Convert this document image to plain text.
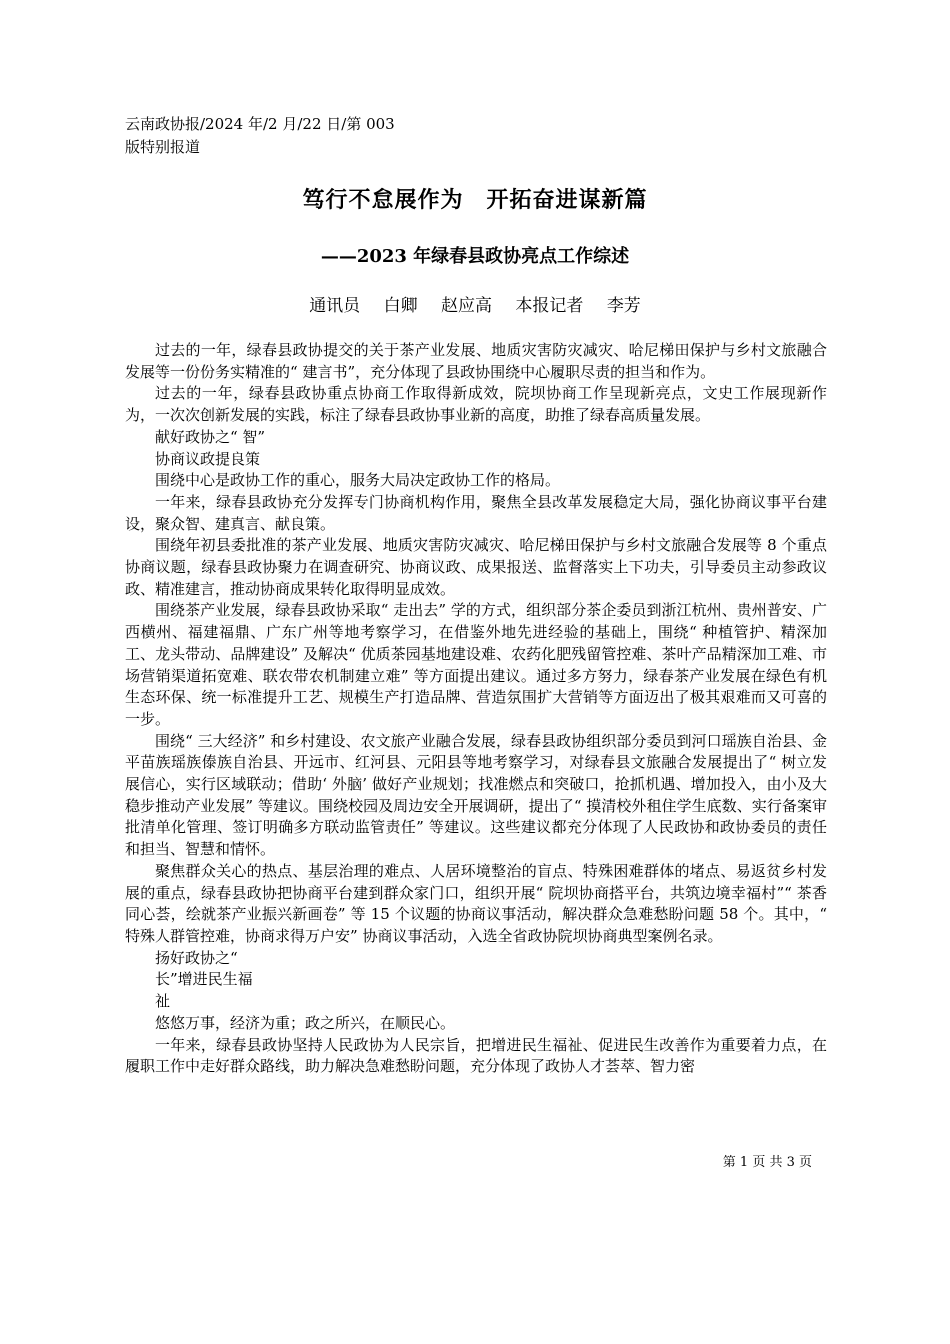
云南政协报/2024 年/2 月/22 日/第 003
版特别报道
笃行不怠展作为　开拓奋进谋新篇
——2023 年绿春县政协亮点工作综述
通讯员 白卿 赵应高 本报记者 李芳

过去的一年，绿春县政协提交的关于茶产业发展、地质灾害防灾减灾、哈尼梯田保护与乡村文旅融合发展等一份份务实精准的“ 建言书”，充分体现了县政协围绕中心履职尽责的担当和作为。

过去的一年，绿春县政协重点协商工作取得新成效，院坝协商工作呈现新亮点，文史工作展现新作为，一次次创新发展的实践，标注了绿春县政协事业新的高度，助推了绿春高质量发展。

献好政协之“ 智”

协商议政提良策

围绕中心是政协工作的重心，服务大局决定政协工作的格局。

一年来，绿春县政协充分发挥专门协商机构作用，聚焦全县改革发展稳定大局，强化协商议事平台建设，聚众智、建真言、献良策。

围绕年初县委批准的茶产业发展、地质灾害防灾减灾、哈尼梯田保护与乡村文旅融合发展等 8 个重点协商议题，绿春县政协聚力在调查研究、协商议政、成果报送、监督落实上下功夫，引导委员主动参政议政、精准建言，推动协商成果转化取得明显成效。

围绕茶产业发展，绿春县政协采取“ 走出去” 学的方式，组织部分茶企委员到浙江杭州、贵州普安、广西横州、福建福鼎、广东广州等地考察学习，在借鉴外地先进经验的基础上，围绕“ 种植管护、精深加工、龙头带动、品牌建设” 及解决“ 优质茶园基地建设难、农药化肥残留管控难、茶叶产品精深加工难、市场营销渠道拓宽难、联农带农机制建立难” 等方面提出建议。通过多方努力，绿春茶产业发展在绿色有机生态环保、统一标准提升工艺、规模生产打造品牌、营造氛围扩大营销等方面迈出了极其艰难而又可喜的一步。

围绕“ 三大经济” 和乡村建设、农文旅产业融合发展，绿春县政协组织部分委员到河口瑶族自治县、金平苗族瑶族傣族自治县、开远市、红河县、元阳县等地考察学习，对绿春县文旅融合发展提出了“ 树立发展信心，实行区域联动；借助‘ 外脑’ 做好产业规划；找准燃点和突破口，抢抓机遇、增加投入，由小及大稳步推动产业发展” 等建议。围绕校园及周边安全开展调研，提出了“ 摸清校外租住学生底数、实行备案审批清单化管理、签订明确多方联动监管责任” 等建议。这些建议都充分体现了人民政协和政协委员的责任和担当、智慧和情怀。

聚焦群众关心的热点、基层治理的难点、人居环境整治的盲点、特殊困难群体的堵点、易返贫乡村发展的重点，绿春县政协把协商平台建到群众家门口，组织开展“ 院坝协商搭平台，共筑边境幸福村”“ 茶香同心荟，绘就茶产业振兴新画卷” 等 15 个议题的协商议事活动，解决群众急难愁盼问题 58 个。其中，“ 特殊人群管控难，协商求得万户安” 协商议事活动，入选全省政协院坝协商典型案例名录。

扬好政协之“

长”增进民生福

祉

悠悠万事，经济为重；政之所兴，在顺民心。

一年来，绿春县政协坚持人民政协为人民宗旨，把增进民生福祉、促进民生改善作为重要着力点，在履职工作中走好群众路线，助力解决急难愁盼问题，充分体现了政协人才荟萃、智力密

第 1 页 共 3 页
